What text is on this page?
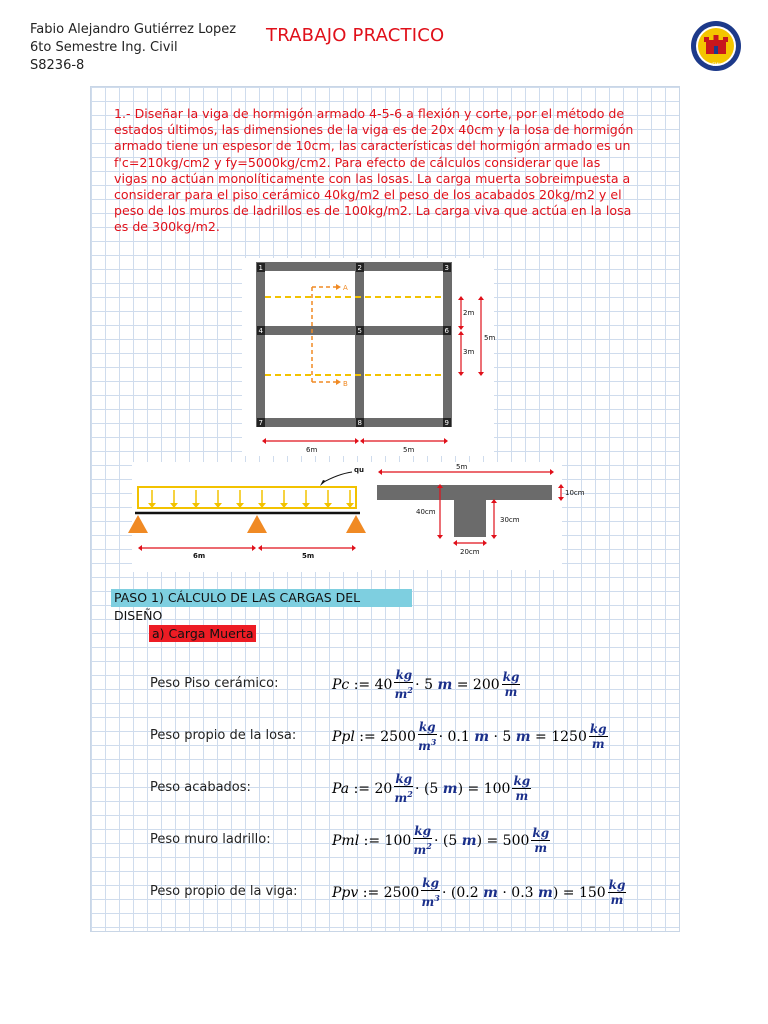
Fabio Alejandro Gutiérrez Lopez
6to Semestre Ing. Civil
S8236-8
TRABAJO PRACTICO
EMI

1.- Diseñar la viga de hormigón armado 4-5-6 a flexión y corte, por el método de estados últimos, las dimensiones de la viga es de 20x 40cm y la losa de hormigón armado tiene un espesor de 10cm, las características del hormigón armado es un f'c=210kg/cm2 y fy=5000kg/cm2. Para efecto de cálculos considerar que las vigas no actúan monolíticamente con las losas. La carga muerta sobreimpuesta a considerar para el piso cerámico 40kg/m2 el peso de los acabados 20kg/m2 y el peso de los muros de ladrillos es de 100kg/m2. La carga viva que actúa en la losa es de 300kg/m2.

A
B
1	2	3
4	5	6
7	8	9
2m
3m
5m
6m	5m
qu
6m	5m
5m
10cm
40cm
30cm
20cm
PASO 1) CÁLCULO DE LAS CARGAS DEL DISEÑO
a) Carga Muerta
Peso Piso cerámico:	Pc := $40 \frac{kg}{m^2} \cdot 5$
$m = 200 \frac{kg}{m}$
Peso propio de la losa:	Ppl := $2500 \frac{kg}{m^3} \cdot 0.1$
m · 5 $m = 1250 \frac{kg}{m}$
Peso acabados:	Pa := $20 \frac{kg}{m^2} \cdot (5$
m ) = $100 \frac{kg}{m}$
Peso muro ladrillo:	Pml := $100 \frac{kg}{m^2} \cdot (5$
m ) = $500 \frac{kg}{m}$
Peso propio de la viga: Ppv := $2500 \frac{kg}{m^3} \cdot (0.2$
m · 0.3 m ) = $150 \frac{kg}{m}$
